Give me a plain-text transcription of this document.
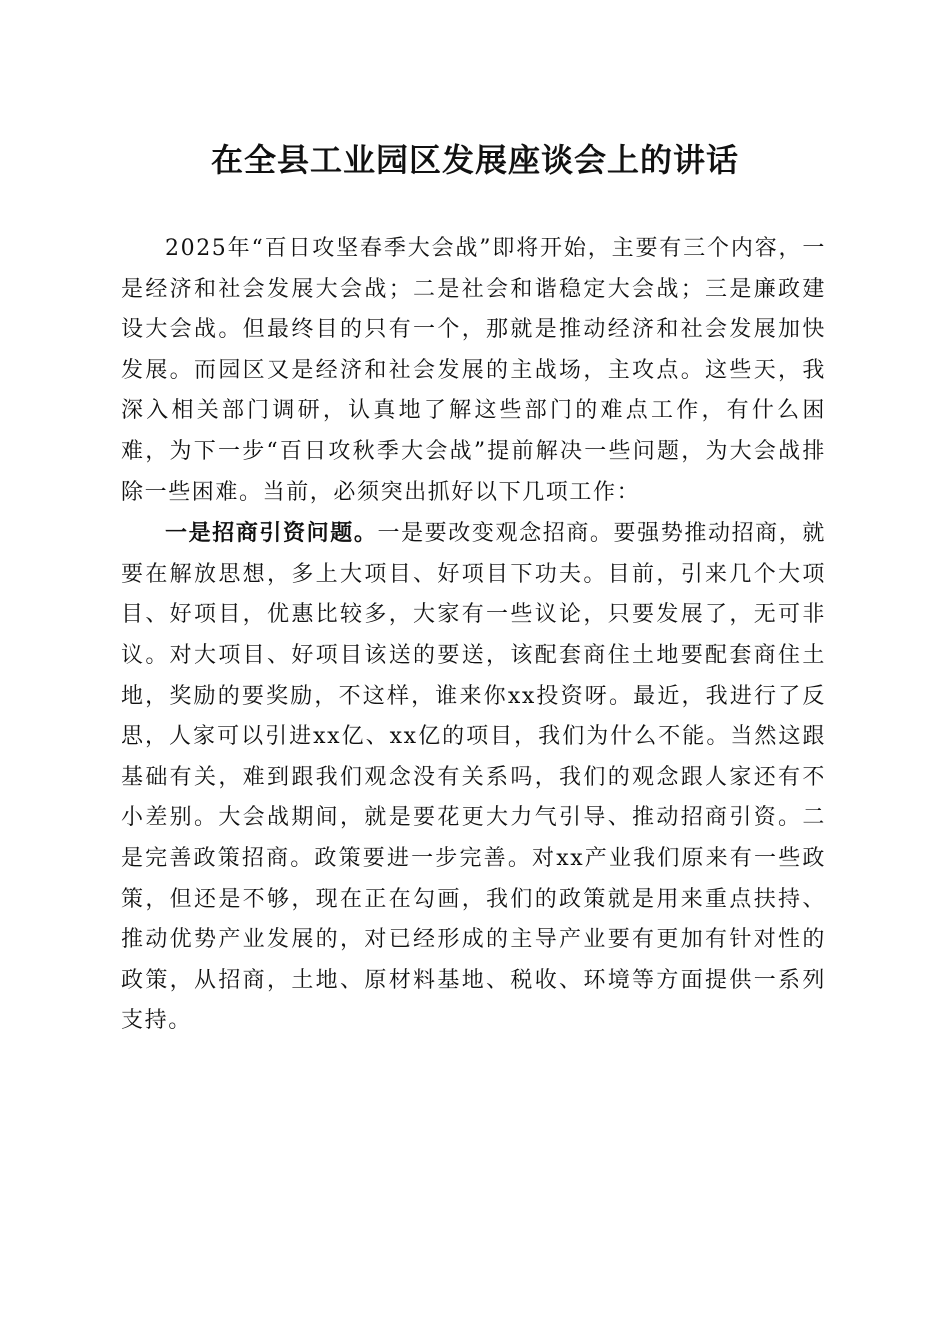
在全县工业园区发展座谈会上的讲话

2025年“百日攻坚春季大会战”即将开始，主要有三个内容，一是经济和社会发展大会战；二是社会和谐稳定大会战；三是廉政建设大会战。但最终目的只有一个，那就是推动经济和社会发展加快发展。而园区又是经济和社会发展的主战场，主攻点。这些天，我深入相关部门调研，认真地了解这些部门的难点工作，有什么困难，为下一步“百日攻秋季大会战”提前解决一些问题，为大会战排除一些困难。当前，必须突出抓好以下几项工作：

一是招商引资问题。一是要改变观念招商。要强势推动招商，就要在解放思想，多上大项目、好项目下功夫。目前，引来几个大项目、好项目，优惠比较多，大家有一些议论，只要发展了，无可非议。对大项目、好项目该送的要送，该配套商住土地要配套商住土地，奖励的要奖励，不这样，谁来你xx投资呀。最近，我进行了反思，人家可以引进xx亿、xx亿的项目，我们为什么不能。当然这跟基础有关，难到跟我们观念没有关系吗，我们的观念跟人家还有不小差别。大会战期间，就是要花更大力气引导、推动招商引资。二是完善政策招商。政策要进一步完善。对xx产业我们原来有一些政策，但还是不够，现在正在勾画，我们的政策就是用来重点扶持、推动优势产业发展的，对已经形成的主导产业要有更加有针对性的政策，从招商，土地、原材料基地、税收、环境等方面提供一系列支持。
